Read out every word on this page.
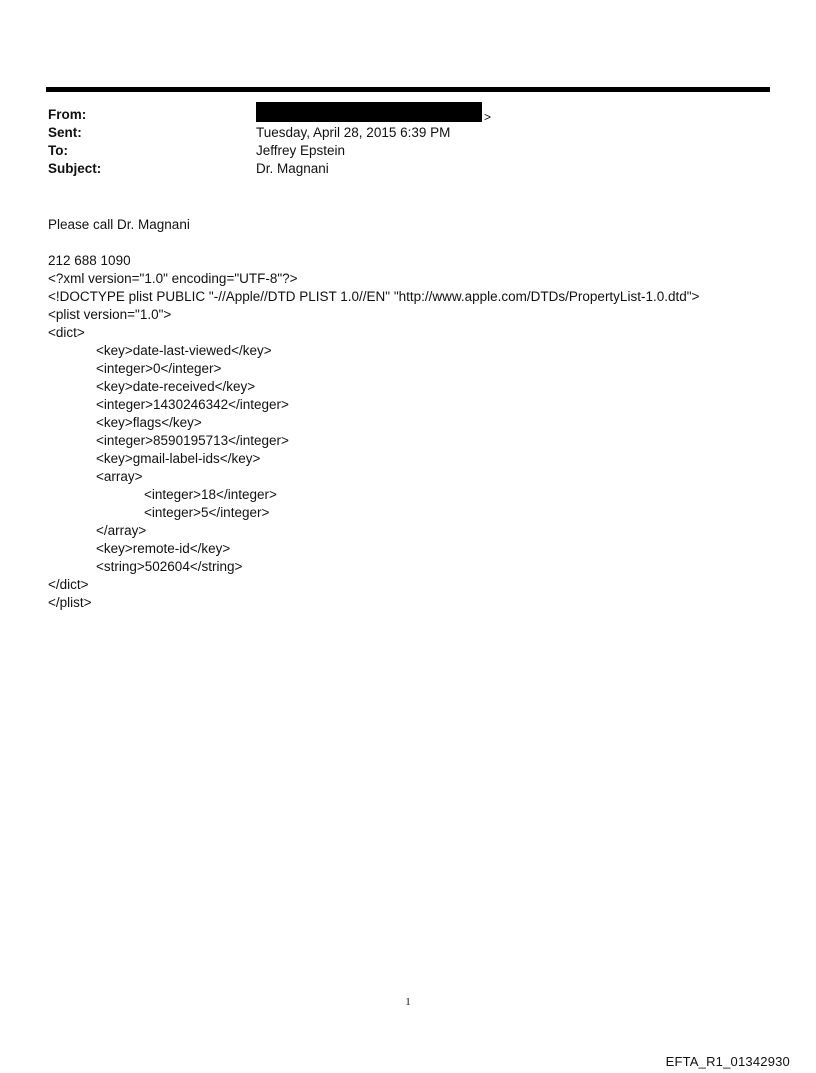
From:	>
Sent:	Tuesday, April 28, 2015 6:39 PM
To:	Jeffrey Epstein
Subject:	Dr. Magnani

Please call Dr. Magnani

212 688 1090

<?xml version="1.0" encoding="UTF-8"?>
<!DOCTYPE plist PUBLIC "-//Apple//DTD PLIST 1.0//EN" "http://www.apple.com/DTDs/PropertyList-1.0.dtd">
<plist version="1.0">
<dict>
<key>date-last-viewed</key>
<integer>0</integer>
<key>date-received</key>
<integer>1430246342</integer>
<key>flags</key>
<integer>8590195713</integer>
<key>gmail-label-ids</key>
<array>
<integer>18</integer>
<integer>5</integer>
</array>
<key>remote-id</key>
<string>502604</string>
</dict>
</plist>
1
EFTA_R1_01342930
